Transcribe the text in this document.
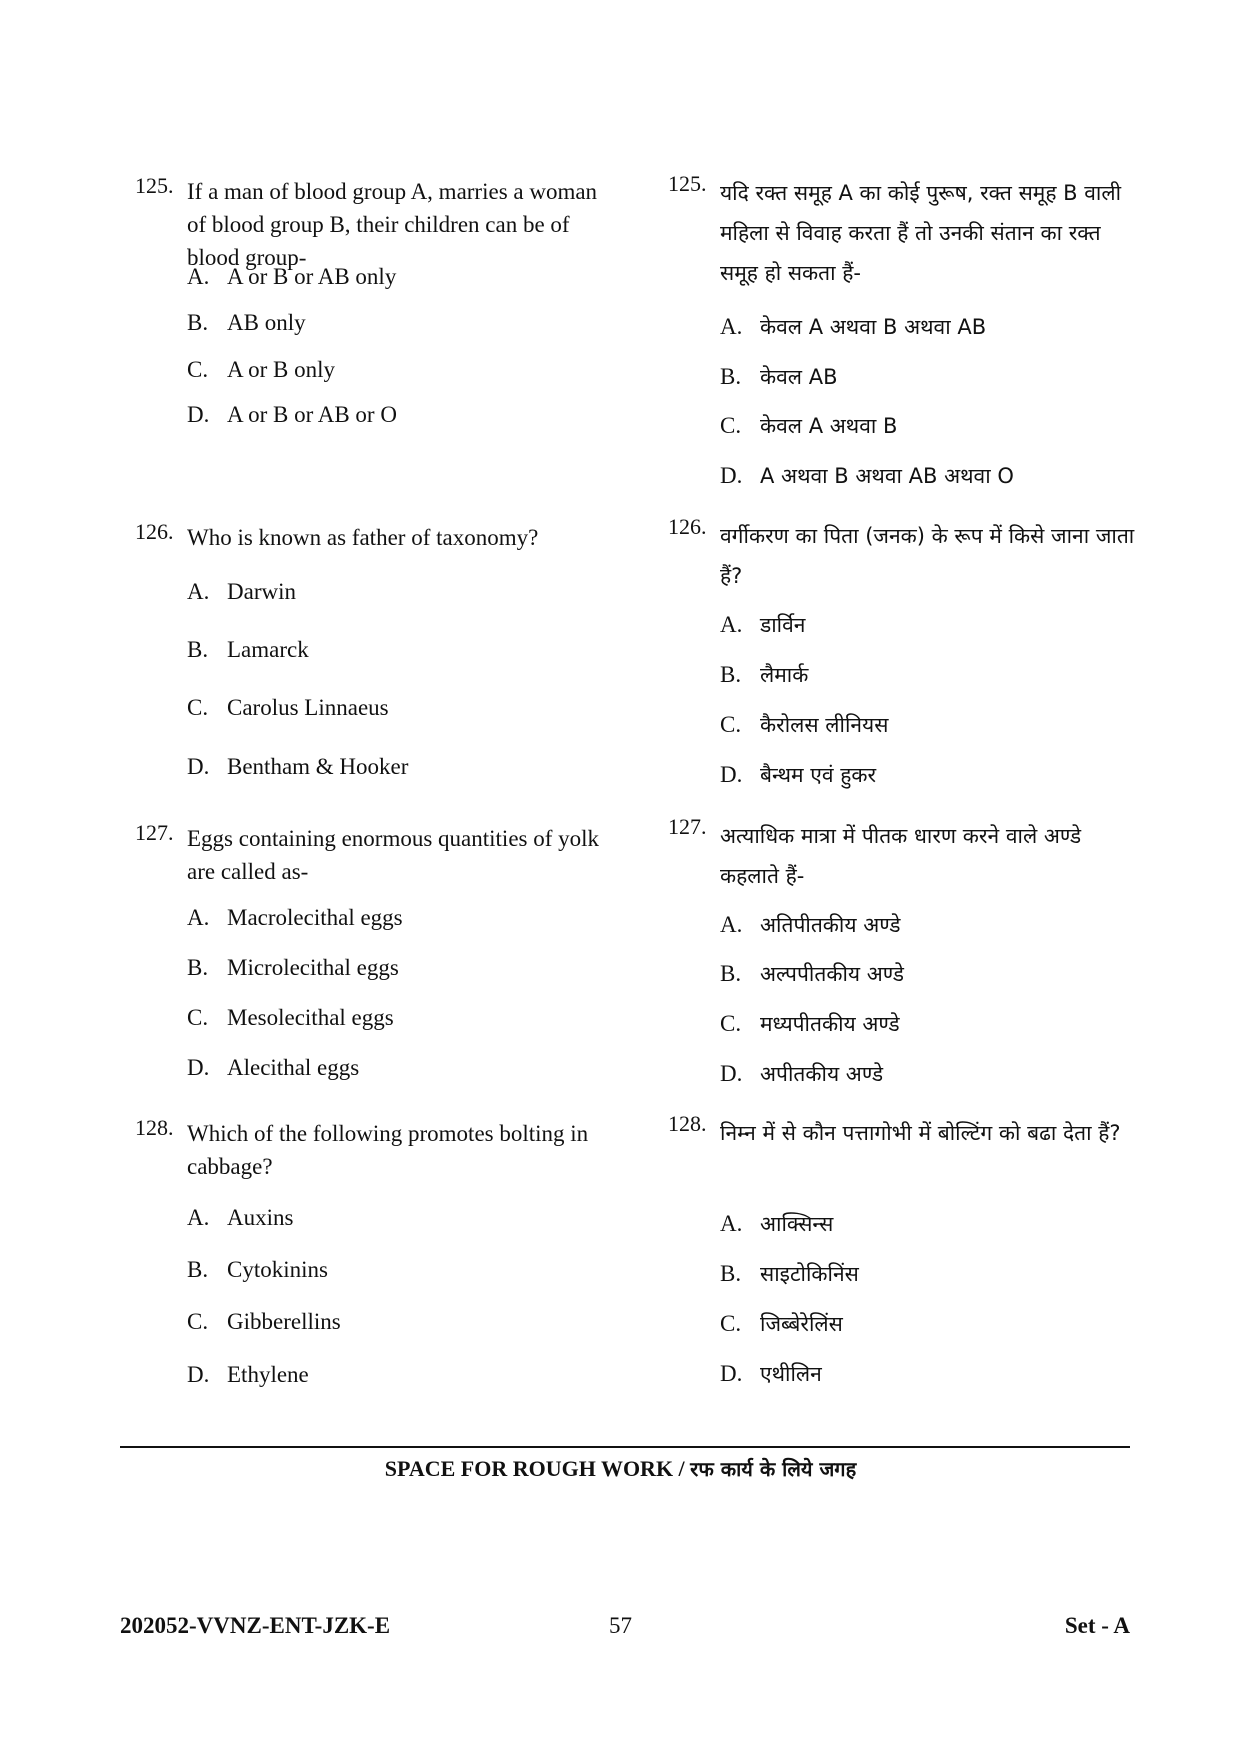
125. If a man of blood group A, marries a woman of blood group B, their children can be of blood group-
A. A or B or AB only
B. AB only
C. A or B only
D. A or B or AB or O
126. Who is known as father of taxonomy?
A. Darwin
B. Lamarck
C. Carolus Linnaeus
D. Bentham & Hooker
127. Eggs containing enormous quantities of yolk are called as-
A. Macrolecithal eggs
B. Microlecithal eggs
C. Mesolecithal eggs
D. Alecithal eggs
128. Which of the following promotes bolting in cabbage?
A. Auxins
B. Cytokinins
C. Gibberellins
D. Ethylene
125. यदि रक्त समूह A का कोई पुरूष, रक्त समूह B वाली महिला से विवाह करता हैं तो उनकी संतान का रक्त समूह हो सकता हैं-
A. केवल A अथवा B अथवा AB
B. केवल AB
C. केवल A अथवा B
D. A अथवा B अथवा AB अथवा O
126. वर्गीकरण का पिता (जनक) के रूप में किसे जाना जाता हैं?
A. डार्विन
B. लैमार्क
C. कैरोलस लीनियस
D. बैन्थम एवं हुकर
127. अत्याधिक मात्रा में पीतक धारण करने वाले अण्डे कहलाते हैं-
A. अतिपीतकीय अण्डे
B. अल्पपीतकीय अण्डे
C. मध्यपीतकीय अण्डे
D. अपीतकीय अण्डे
128. निम्न में से कौन पत्तागोभी में बोल्टिंग को बढा देता हैं?
A. आक्सिन्स
B. साइटोकिनिंस
C. जिब्बेरेलिंस
D. एथीलिन
SPACE FOR ROUGH WORK / रफ कार्य के लिये जगह
202052-VVNZ-ENT-JZK-E	57	Set - A
